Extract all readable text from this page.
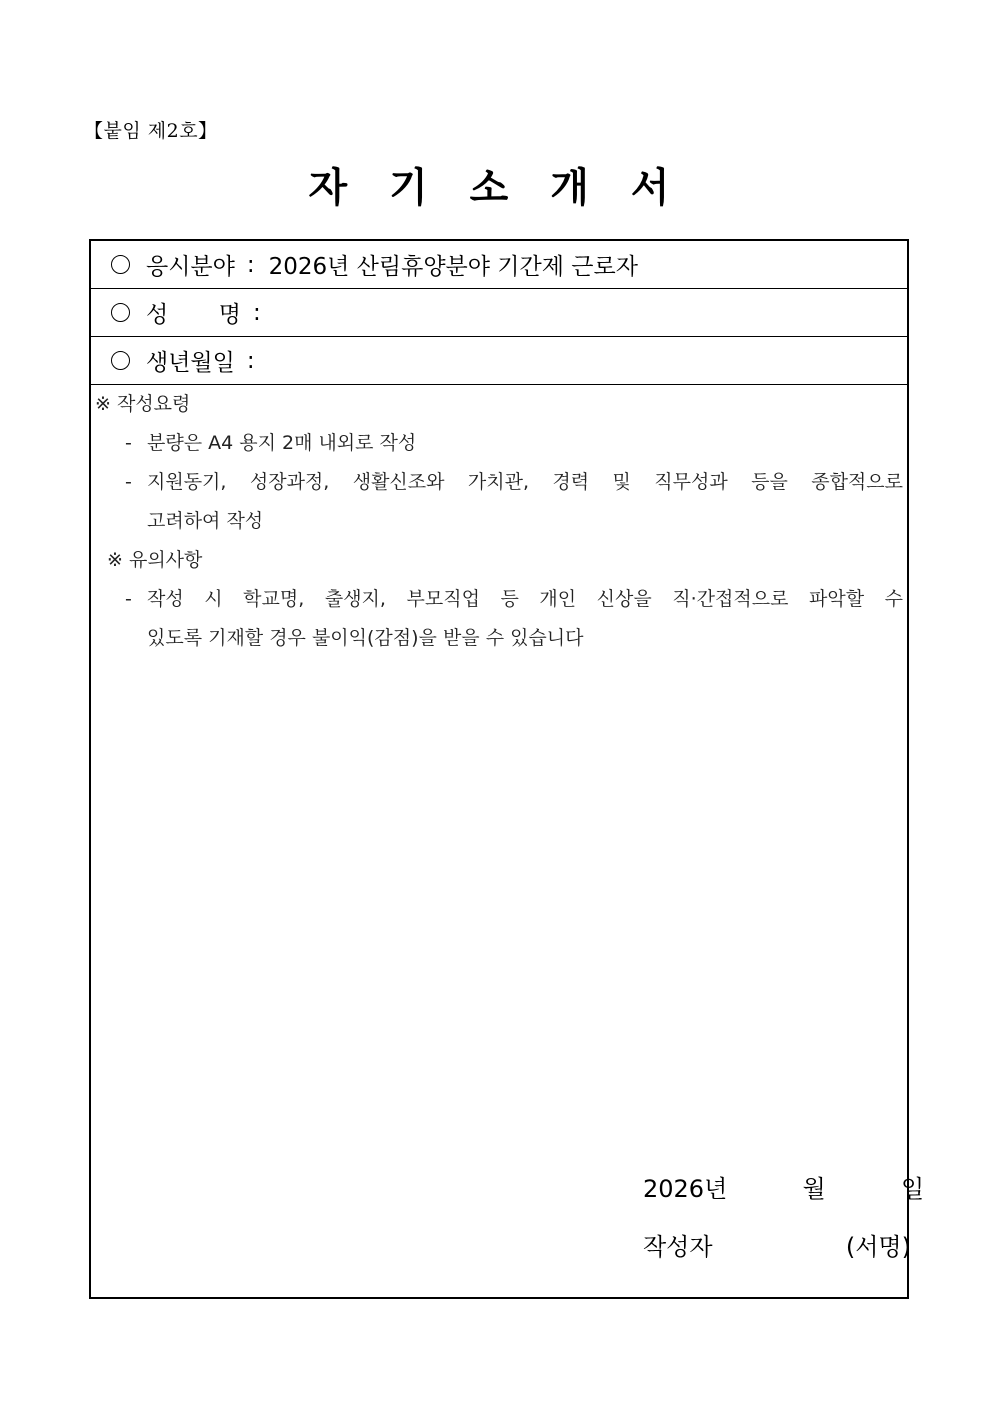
【붙임 제2호】
자 기 소 개 서
응시분야 : 2026년 산림휴양분야 기간제 근로자
성 명 :
생년월일 :
※ 작성요령
- 분량은 A4 용지 2매 내외로 작성
- 지원동기, 성장과정, 생활신조와 가치관, 경력 및 직무성과 등을 종합적으로
고려하여 작성
※ 유의사항
- 작성 시 학교명, 출생지, 부모직업 등 개인 신상을 직·간접적으로 파악할 수
있도록 기재할 경우 불이익(감점)을 받을 수 있습니다
2026년	월	일
작성자	(서명)
